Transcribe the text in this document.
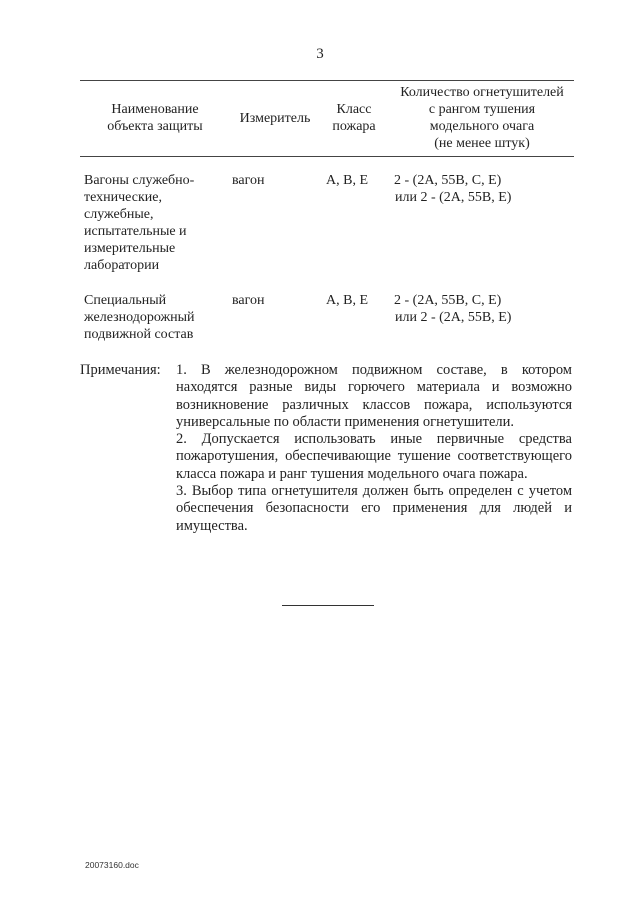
3
Наименование
объекта защиты
Измеритель
Класс
пожара
Количество огнетушителей
с рангом тушения
модельного очага
(не менее штук)
Вагоны служебно-
технические,
служебные,
испытательные и
измерительные
лаборатории
вагон	А, В, Е 2 - (2А, 55В, С, Е)
или 2 - (2А, 55В, Е)
Специальный
железнодорожный
подвижной состав
вагон	А, В, Е 2 - (2А, 55В, С, Е)
или 2 - (2А, 55В, Е)
Примечания: 1. В железнодорожном подвижном составе, в котором находятся разные виды горючего материала и возможно возникновение различных классов пожара, используются универсальные по области применения огнетушители.

2. Допускается использовать иные первичные средства пожаротушения, обеспечивающие тушение соответствующего класса пожара и ранг тушения модельного очага пожара.

3. Выбор типа огнетушителя должен быть определен с учетом обеспечения безопасности его применения для людей и имущества.

20073160.doc
